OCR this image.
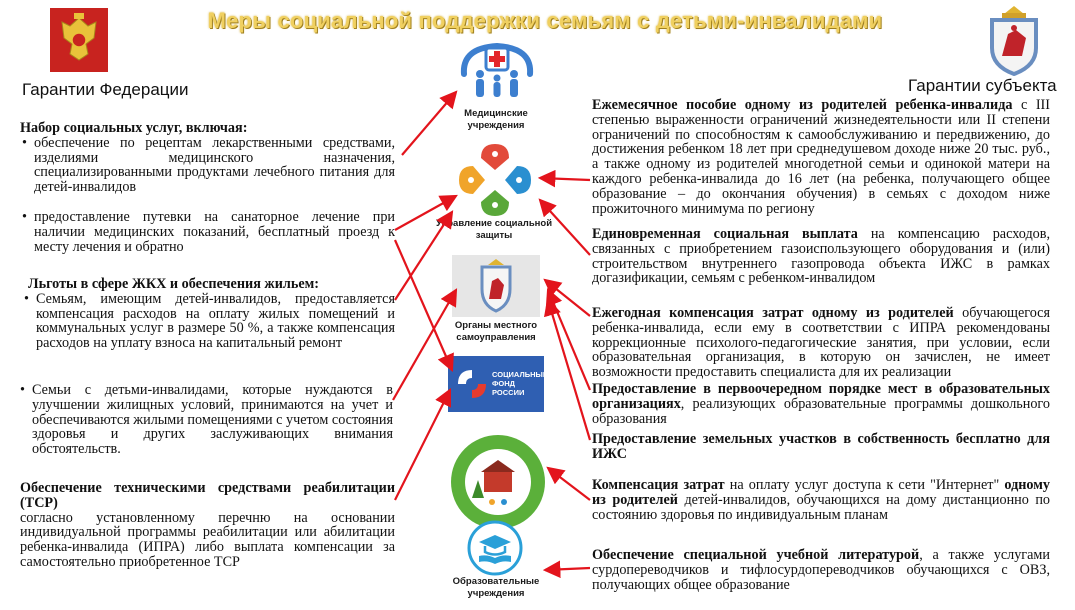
Меры социальной поддержки семьям с детьми-инвалидами
Гарантии Федерации	Гарантии субъекта
Набор социальных услуг, включая:
• обеспечение по рецептам лекарственными средствами, изделиями медицинского назначения, специализированными продуктами лечебного питания для детей-инвалидов
• предоставление путевки на санаторное лечение при наличии медицинских показаний, бесплатный проезд к месту лечения и обратно
Льготы в сфере ЖКХ и обеспечения жильем:
• Семьям, имеющим детей-инвалидов, предоставляется компенсация расходов на оплату жилых помещений и коммунальных услуг в размере 50 %, а также компенсация расходов на уплату взноса на капитальный ремонт
• Семьи с детьми-инвалидами, которые нуждаются в улучшении жилищных условий, принимаются на учет и обеспечиваются жилыми помещениями с учетом состояния здоровья и других заслуживающих внимания обстоятельств.
Обеспечение техническими средствами реабилитации (ТСР)
согласно установленному перечню на основании индивидуальной программы реабилитации или абилитации ребенка-инвалида (ИПРА) либо выплата компенсации за самостоятельно приобретенное ТСР
Медицинские учреждения
Управление социальной защиты
Органы местного самоуправления
СОЦИАЛЬНЫЙ ФОНД РОССИИ
Образовательные учреждения
Ежемесячное пособие одному из родителей ребенка-инвалида с III степенью выраженности ограничений жизнедеятельности или II степени ограничений по способностям к самообслуживанию и передвижению, до достижения ребенком 18 лет при среднедушевом доходе ниже 20 тыс. руб., а также одному из родителей многодетной семьи и одинокой матери на каждого ребенка-инвалида до 16 лет (на ребенка, получающего общее образование – до окончания обучения) в семьях с доходом ниже прожиточного минимума по региону
Единовременная социальная выплата на компенсацию расходов, связанных с приобретением газоиспользующего оборудования и (или) строительством внутреннего газопровода объекта ИЖС в рамках догазификации, семьям с ребенком-инвалидом
Ежегодная компенсация затрат одному из родителей обучающегося ребенка-инвалида, если ему в соответствии с ИПРА рекомендованы коррекционные психолого-педагогические занятия, при условии, если образовательная организация, в которую он зачислен, не имеет возможности предоставить специалиста для их реализации
Предоставление в первоочередном порядке мест в образовательных организациях, реализующих образовательные программы дошкольного образования
Предоставление земельных участков в собственность бесплатно для ИЖС
Компенсация затрат на оплату услуг доступа к сети "Интернет" одному из родителей детей-инвалидов, обучающихся на дому дистанционно по состоянию здоровья по индивидуальным планам
Обеспечение специальной учебной литературой, а также услугами сурдопереводчиков и тифлосурдопереводчиков обучающихся с ОВЗ, получающих общее образование
